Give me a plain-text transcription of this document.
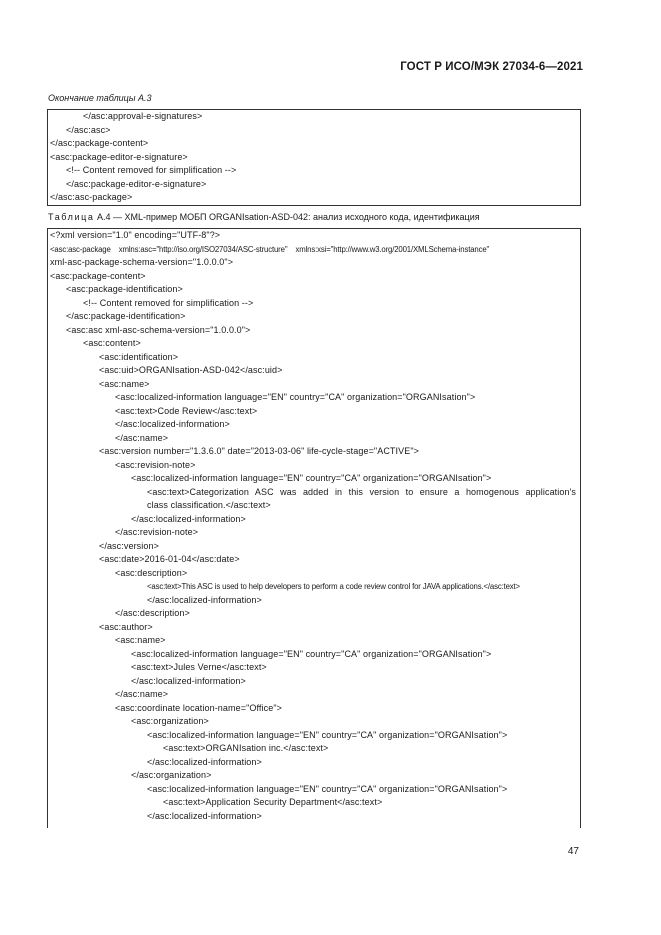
ГОСТ Р ИСО/МЭК 27034-6—2021
Окончание таблицы А.3
</asc:approval-e-signatures>
</asc:asc>
</asc:package-content>
<asc:package-editor-e-signature>
<!-- Content removed for simplification -->
</asc:package-editor-e-signature>
</asc:asc-package>
Таблица А.4 — XML-пример МОБП ORGANIsation-ASD-042: анализ исходного кода, идентификация
<?xml version="1.0" encoding="UTF-8"?>
<asc:asc-package    xmlns:asc="http://iso.org/ISO27034/ASC-structure"    xmlns:xsi="http://www.w3.org/2001/XMLSchema-instance"
xml-asc-package-schema-version="1.0.0.0">
<asc:package-content>
<asc:package-identification>
<!-- Content removed for simplification -->
</asc:package-identification>
<asc:asc xml-asc-schema-version="1.0.0.0">
<asc:content>
<asc:identification>
<asc:uid>ORGANIsation-ASD-042</asc:uid>
<asc:name>
<asc:localized-information language="EN" country="CA" organization="ORGANIsation">
<asc:text>Code Review</asc:text>
</asc:localized-information>
</asc:name>
<asc:version number="1.3.6.0" date="2013-03-06" life-cycle-stage="ACTIVE">
<asc:revision-note>
<asc:localized-information language="EN" country="CA" organization="ORGANIsation">
<asc:text>Categorization ASC was added in this version to ensure a homogenous application's
class classification.</asc:text>
</asc:localized-information>
</asc:revision-note>
</asc:version>
<asc:date>2016-01-04</asc:date>
<asc:description>
<asc:text>This ASC is used to help developers to perform a code review control for JAVA applications.</asc:text>
</asc:localized-information>
</asc:description>
<asc:author>
<asc:name>
<asc:localized-information language="EN" country="CA" organization="ORGANIsation">
<asc:text>Jules Verne</asc:text>
</asc:localized-information>
</asc:name>
<asc:coordinate location-name="Office">
<asc:organization>
<asc:localized-information language="EN" country="CA" organization="ORGANIsation">
<asc:text>ORGANIsation inc.</asc:text>
</asc:localized-information>
</asc:organization>
<asc:localized-information language="EN" country="CA" organization="ORGANIsation">
<asc:text>Application Security Department</asc:text>
</asc:localized-information>
47
